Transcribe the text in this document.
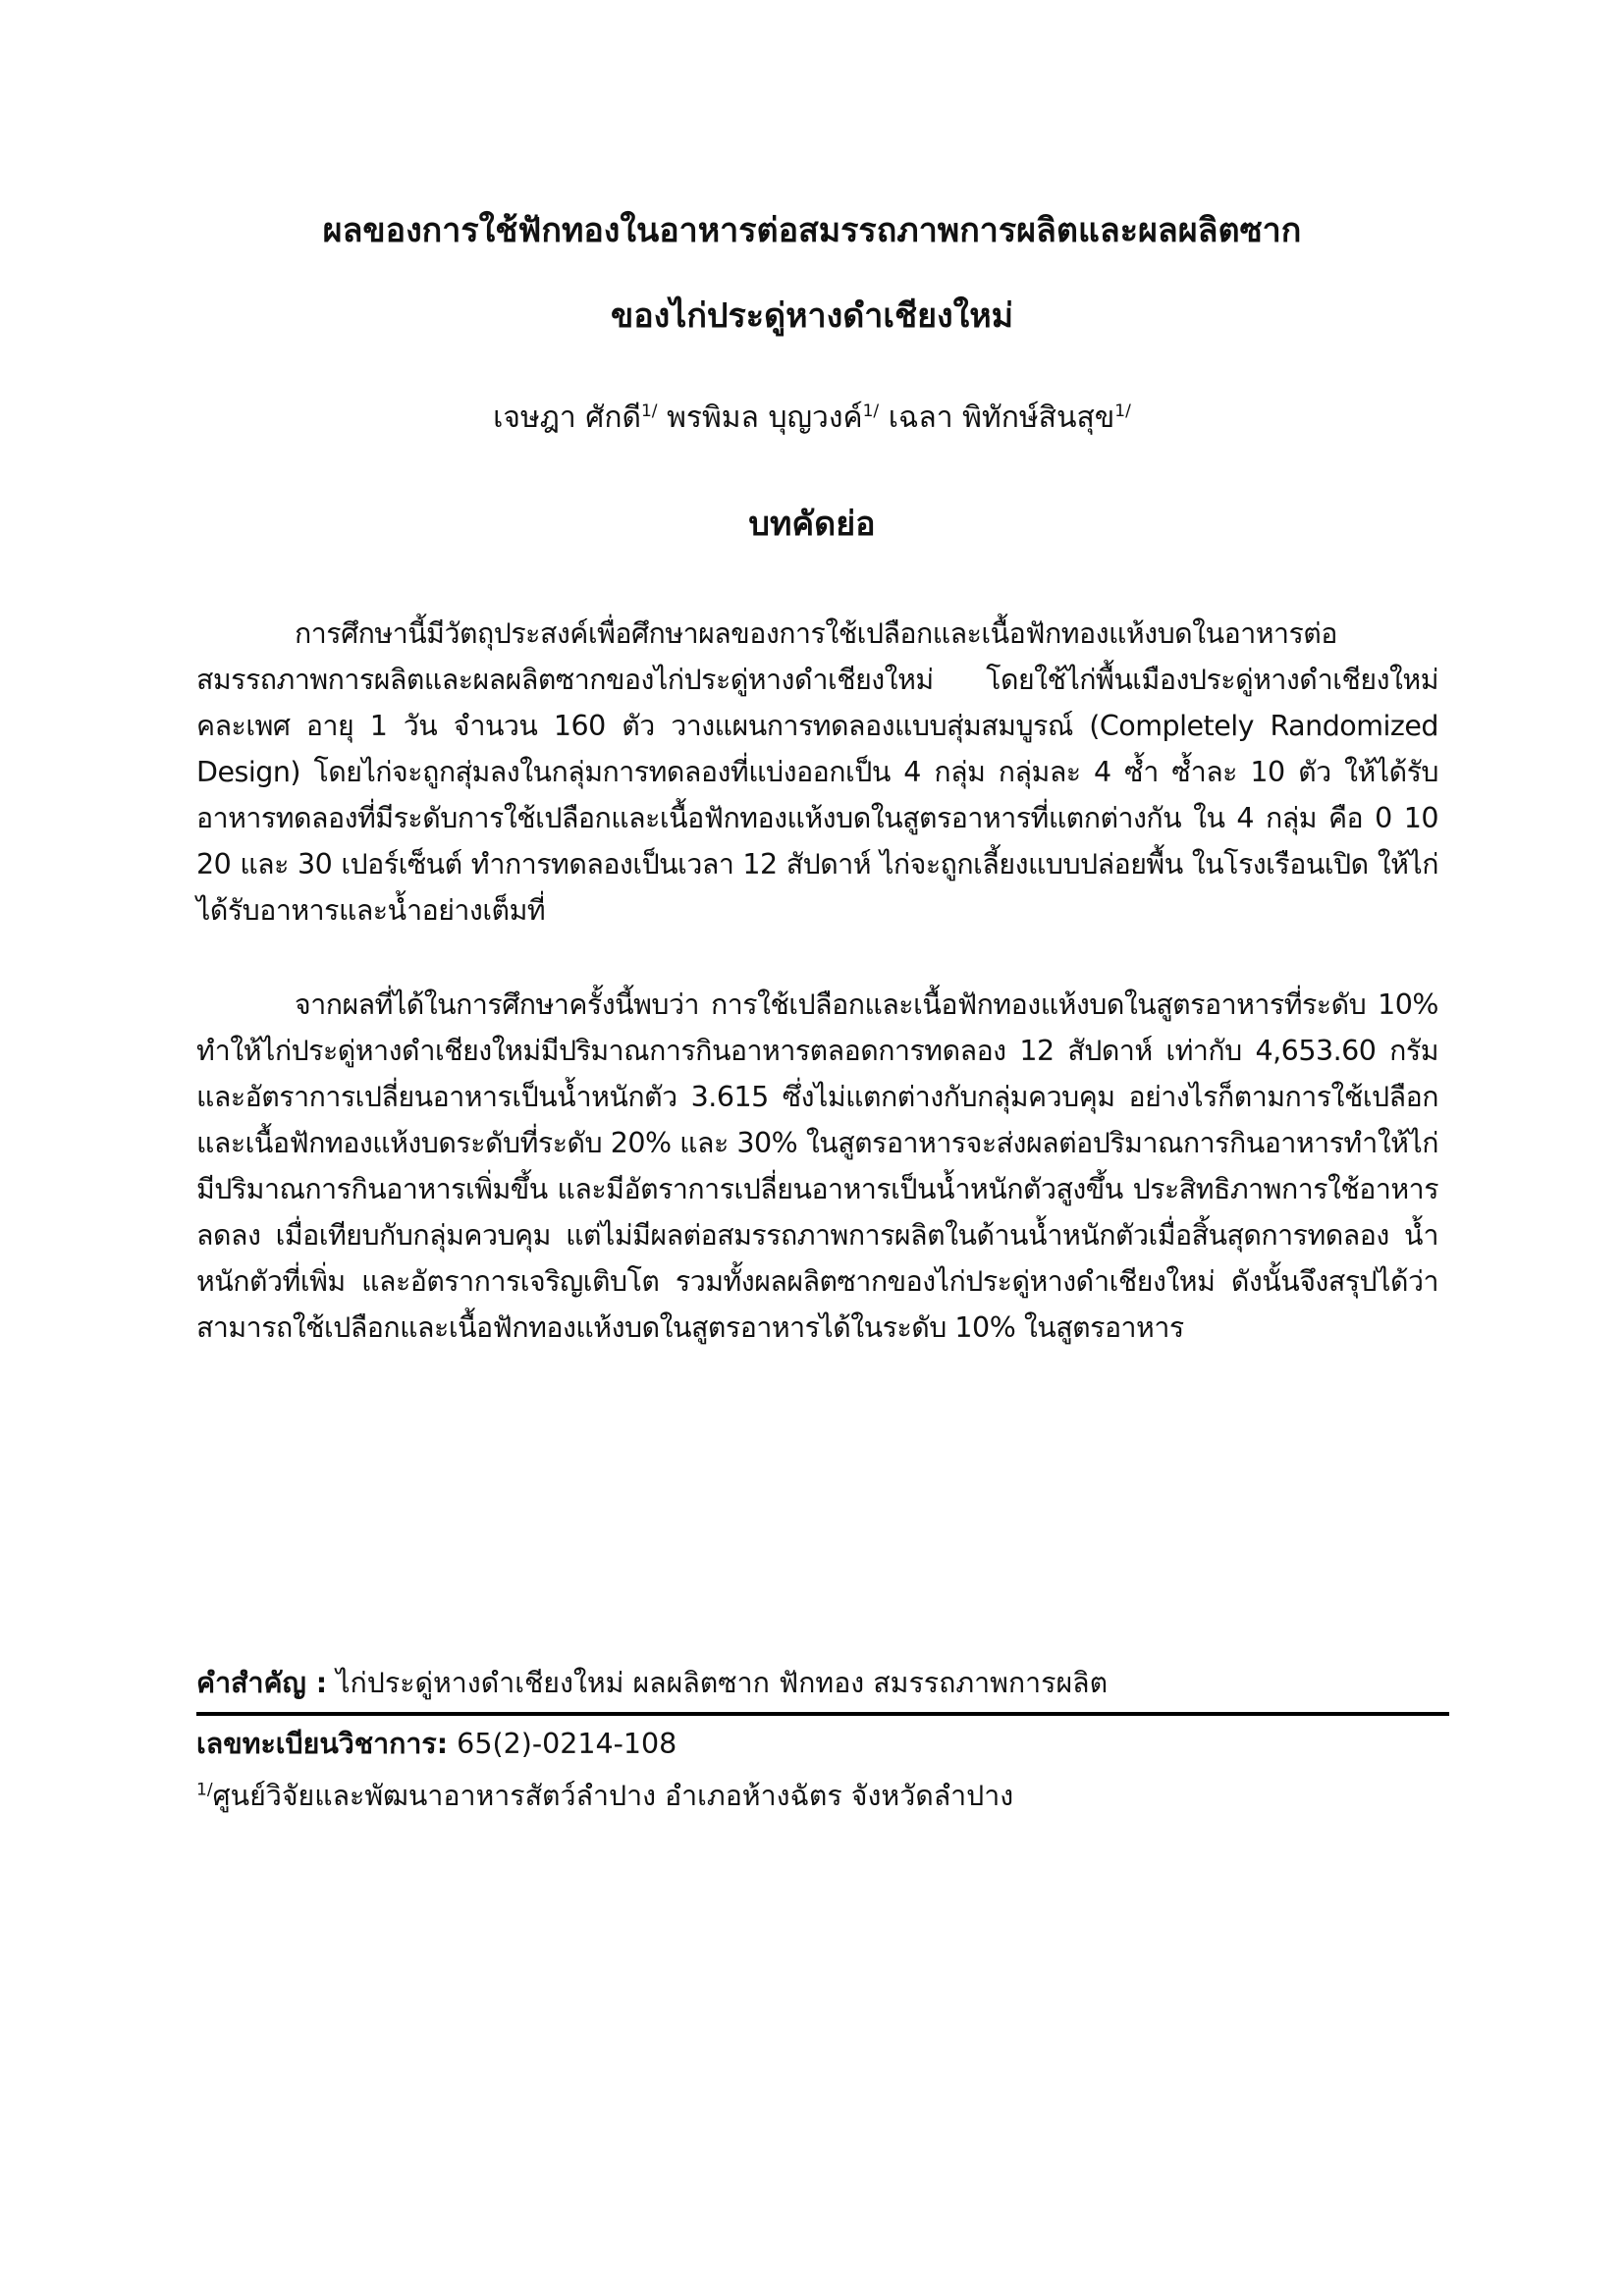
ผลของการใช้ฟักทองในอาหารต่อสมรรถภาพการผลิตและผลผลิตซาก
ของไก่ประดู่หางดำเชียงใหม่
เจษฎา ศักดี$^{1/}$ พรพิมล บุญวงค์$^{1/}$ เฉลา พิทักษ์สินสุข$^{1/}$
บทคัดย่อ

การศึกษานี้มีวัตถุประสงค์เพื่อศึกษาผลของการใช้เปลือกและเนื้อฟักทองแห้งบดในอาหารต่อสมรรถภาพการผลิตและผลผลิตซากของไก่ประดู่หางดำเชียงใหม่ โดยใช้ไก่พื้นเมืองประดู่หางดำเชียงใหม่ คละเพศ อายุ 1 วัน จำนวน 160 ตัว วางแผนการทดลองแบบสุ่มสมบูรณ์ (Completely Randomized Design) โดยไก่จะถูกสุ่มลงในกลุ่มการทดลองที่แบ่งออกเป็น 4 กลุ่ม กลุ่มละ 4 ซ้ำ ซ้ำละ 10 ตัว ให้ได้รับอาหารทดลองที่มีระดับการใช้เปลือกและเนื้อฟักทองแห้งบดในสูตรอาหารที่แตกต่างกัน ใน 4 กลุ่ม คือ 0 10 20 และ 30 เปอร์เซ็นต์ ทำการทดลองเป็นเวลา 12 สัปดาห์ ไก่จะถูกเลี้ยงแบบปล่อยพื้น ในโรงเรือนเปิด ให้ไก่ได้รับอาหารและน้ำอย่างเต็มที่

จากผลที่ได้ในการศึกษาครั้งนี้พบว่า การใช้เปลือกและเนื้อฟักทองแห้งบดในสูตรอาหารที่ระดับ 10% ทำให้ไก่ประดู่หางดำเชียงใหม่มีปริมาณการกินอาหารตลอดการทดลอง 12 สัปดาห์ เท่ากับ 4,653.60 กรัม และอัตราการเปลี่ยนอาหารเป็นน้ำหนักตัว 3.615 ซึ่งไม่แตกต่างกับกลุ่มควบคุม อย่างไรก็ตามการใช้เปลือกและเนื้อฟักทองแห้งบดระดับที่ระดับ 20% และ 30% ในสูตรอาหารจะส่งผลต่อปริมาณการกินอาหารทำให้ไก่มีปริมาณการกินอาหารเพิ่มขึ้น และมีอัตราการเปลี่ยนอาหารเป็นน้ำหนักตัวสูงขึ้น ประสิทธิภาพการใช้อาหารลดลง เมื่อเทียบกับกลุ่มควบคุม แต่ไม่มีผลต่อสมรรถภาพการผลิตในด้านน้ำหนักตัวเมื่อสิ้นสุดการทดลอง น้ำหนักตัวที่เพิ่ม และอัตราการเจริญเติบโต รวมทั้งผลผลิตซากของไก่ประดู่หางดำเชียงใหม่ ดังนั้นจึงสรุปได้ว่าสามารถใช้เปลือกและเนื้อฟักทองแห้งบดในสูตรอาหารได้ในระดับ 10% ในสูตรอาหาร

คำสำคัญ : ไก่ประดู่หางดำเชียงใหม่ ผลผลิตซาก ฟักทอง สมรรถภาพการผลิต

เลขทะเบียนวิชาการ: 65(2)-0214-108

$^{1/}$ศูนย์วิจัยและพัฒนาอาหารสัตว์ลำปาง อำเภอห้างฉัตร จังหวัดลำปาง
